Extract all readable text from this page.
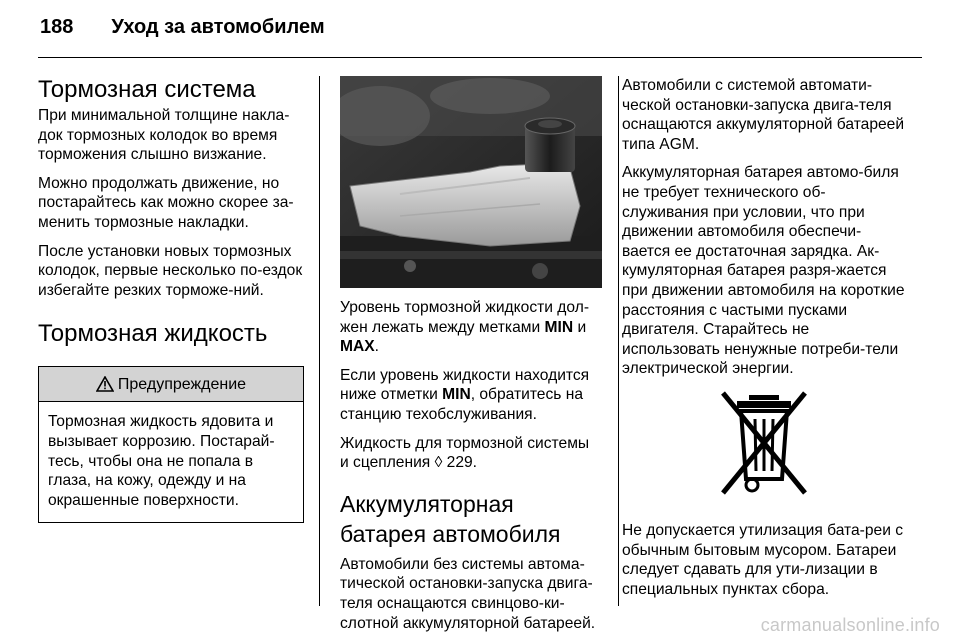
188 Уход за автомобилем
Тормозная система

При минимальной толщине накла-док тормозных колодок во время торможения слышно визжание.

Можно продолжать движение, но постарайтесь как можно скорее за-менить тормозные накладки.

После установки новых тормозных колодок, первые несколько по-ездок избегайте резких торможе-ний.

Тормозная жидкость
Предупреждение
Тормозная жидкость ядовита и вызывает коррозию. Постарай-тесь, чтобы она не попала в глаза, на кожу, одежду и на окрашенные поверхности.

Уровень тормозной жидкости дол-жен лежать между метками MIN и MAX.

Если уровень жидкости находится ниже отметки MIN, обратитесь на станцию техобслуживания.

Жидкость для тормозной системы и сцепления ◊ 229.

Аккумуляторная батарея автомобиля

Автомобили без системы автома-тической остановки-запуска двига-теля оснащаются свинцово-ки-слотной аккумуляторной батареей.

Автомобили с системой автомати-ческой остановки-запуска двига-теля оснащаются аккумуляторной батареей типа AGM.

Аккумуляторная батарея автомо-биля не требует технического об-служивания при условии, что при движении автомобиля обеспечи-вается ее достаточная зарядка. Ак-кумуляторная батарея разря-жается при движении автомобиля на короткие расстояния с частыми пусками двигателя. Старайтесь не использовать ненужные потреби-тели электрической энергии.

Не допускается утилизация бата-реи с обычным бытовым мусором. Батареи следует сдавать для ути-лизации в специальных пунктах сбора.

carmanualsonline.info
